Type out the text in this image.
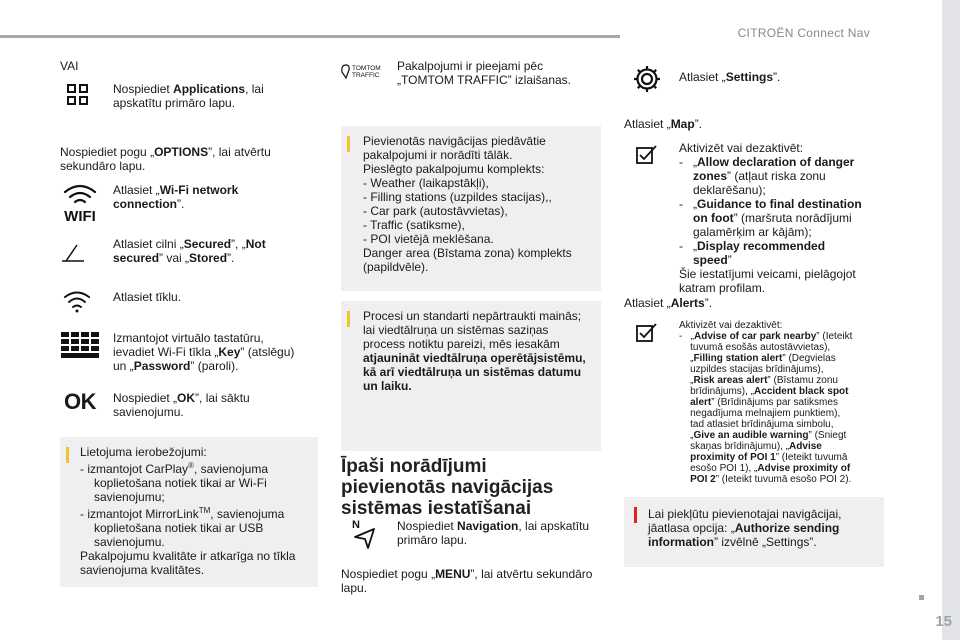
CITROËN Connect Nav
15
VAI
Nospiediet Applications, lai apskatītu primāro lapu.
Nospiediet pogu „OPTIONS”, lai atvērtu sekundāro lapu.
WIFI
Atlasiet „Wi-Fi network connection”.
Atlasiet cilni „Secured”, „Not secured” vai „Stored”.
Atlasiet tīklu.
Izmantojot virtuālo tastatūru, ievadiet Wi-Fi tīkla „Key” (atslēgu) un „Password” (paroli).
OK Nospiediet „OK”, lai sāktu savienojumu.
Lietojuma ierobežojumi:
- izmantojot CarPlay®, savienojuma
koplietošana notiek tikai ar Wi-Fi
savienojumu;
- izmantojot MirrorLink™, savienojuma
koplietošana notiek tikai ar USB
savienojumu.
Pakalpojumu kvalitāte ir atkarīga no tīkla
savienojuma kvalitātes.
TOMTOM
TRAFFIC
Pakalpojumi ir pieejami pēc
„TOMTOM TRAFFIC” izlaišanas.
Pievienotās navigācijas piedāvātie
pakalpojumi ir norādīti tālāk.
Pieslēgto pakalpojumu komplekts:
- Weather (laikapstākļi),
- Filling stations (uzpildes stacijas),,
- Car park (autostāvvietas),
- Traffic (satiksme),
- POI vietējā meklēšana.
Danger area (Bīstama zona) komplekts
(papildvēle).
Procesi un standarti nepārtraukti mainās;
lai viedtālruņa un sistēmas saziņas
process notiktu pareizi, mēs iesakām
atjaunināt viedtālruņa operētājsistēmu,
kā arī viedtālruņa un sistēmas datumu
un laiku.
Īpaši norādījumi
pievienotās navigācijas
sistēmas iestatīšanai
N	Nospiediet Navigation, lai apskatītu
primāro lapu.
Nospiediet pogu „MENU”, lai atvērtu sekundāro
lapu.
Atlasiet „Settings”.
Atlasiet „Map”.
Aktivizēt vai dezaktivēt:
- „Allow declaration of danger
zones” (atļaut riska zonu
deklarēšanu);
- „Guidance to final destination
on foot” (maršruta norādījumi
galamērķim ar kājām);
- „Display recommended
speed”
Šie iestatījumi veicami, pielāgojot
katram profilam.
Atlasiet „Alerts”.
Aktivizēt vai dezaktivēt:
-   „Advise of car park nearby” (Ieteikt
tuvumā esošās autostāvvietas),
„Filling station alert” (Degvielas
uzpildes stacijas brīdinājums),
„Risk areas alert” (Bīstamu zonu
brīdinājums), „Accident black spot
alert” (Brīdinājums par satiksmes
negadījuma melnajiem punktiem),
tad atlasiet brīdinājuma simbolu,
„Give an audible warning” (Sniegt
skaņas brīdinājumu), „Advise
proximity of POI 1” (Ieteikt tuvumā
esošo POI 1), „Advise proximity of
POI 2” (Ieteikt tuvumā esošo POI 2).
Lai piekļūtu pievienotajai navigācijai,
jāatlasa opcija: „Authorize sending
information” izvēlnē „Settings”.
